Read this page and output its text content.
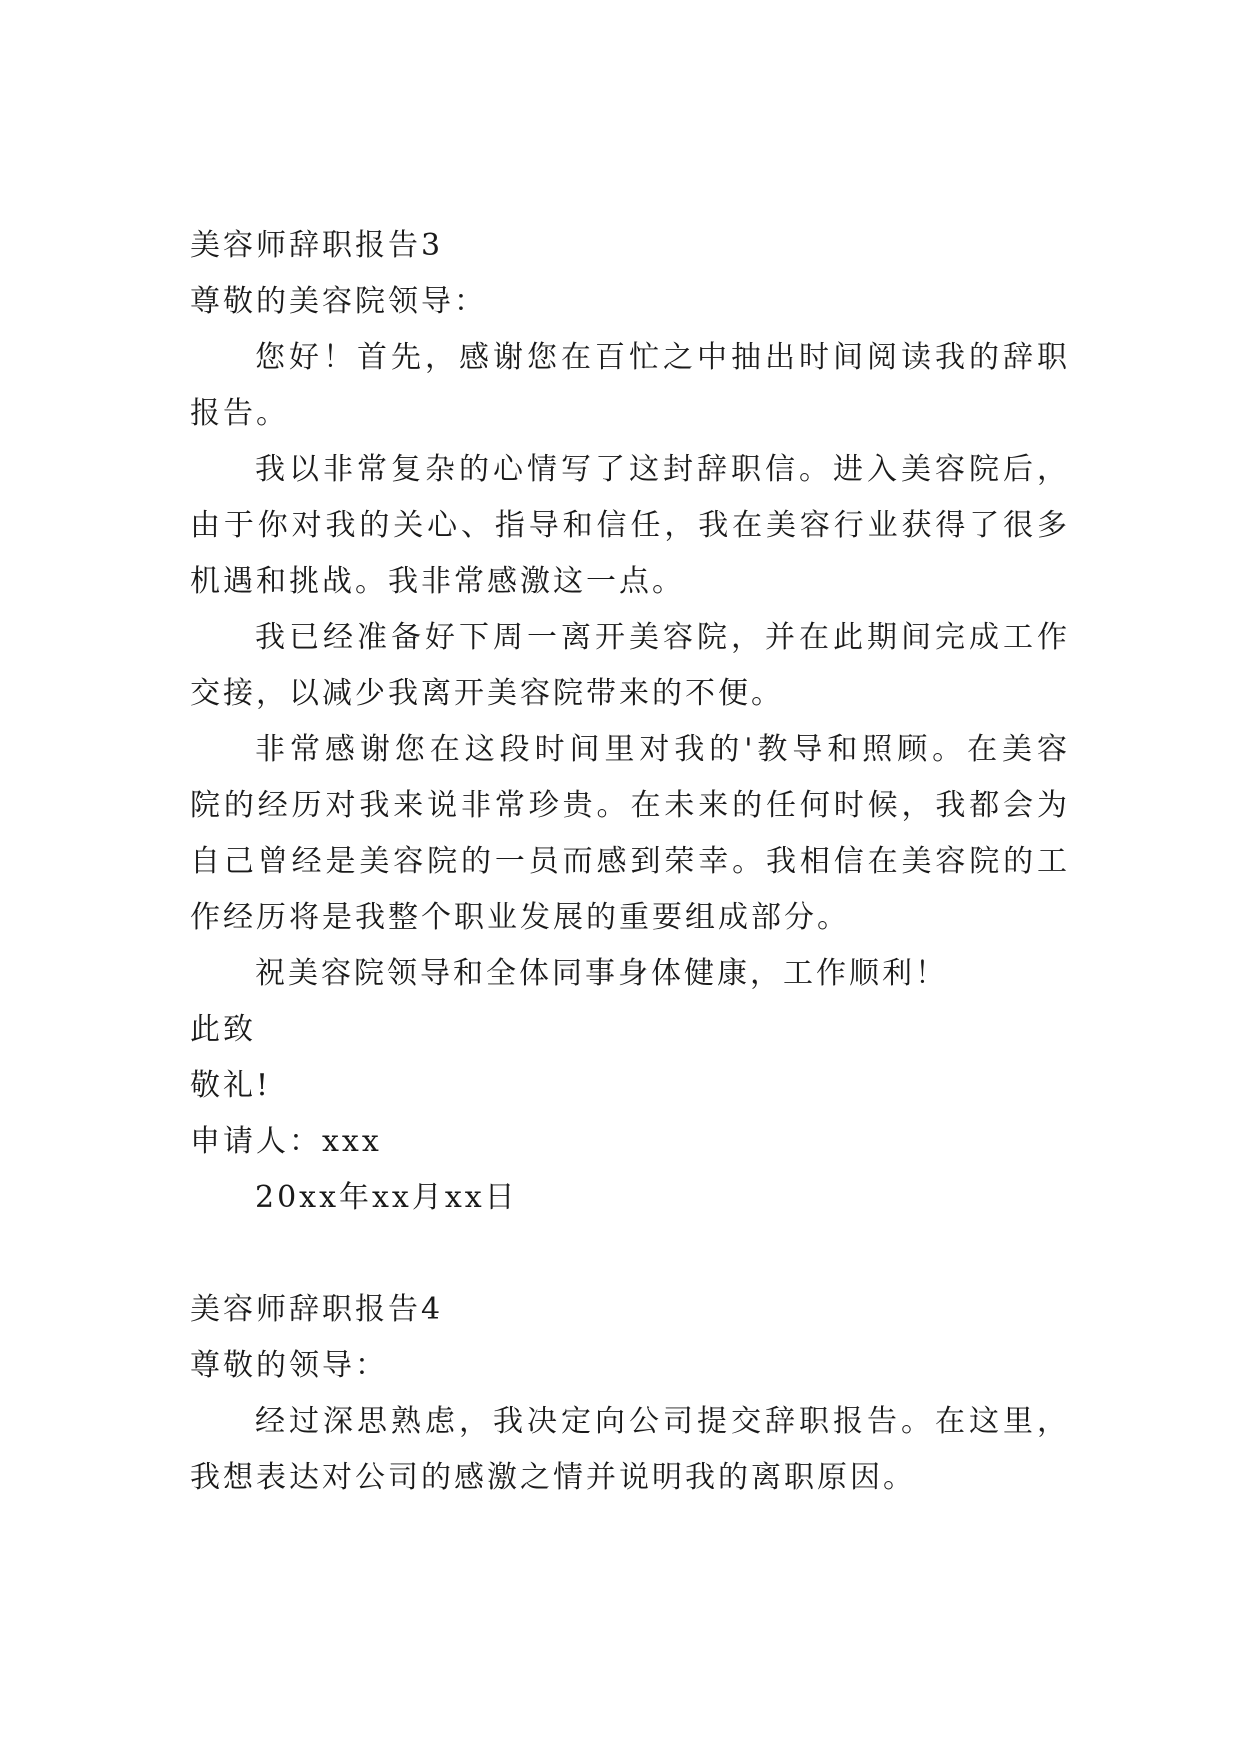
美容师辞职报告3
尊敬的美容院领导：
您好！首先，感谢您在百忙之中抽出时间阅读我的辞职
报告。
我以非常复杂的心情写了这封辞职信。进入美容院后，
由于你对我的关心、指导和信任，我在美容行业获得了很多
机遇和挑战。我非常感激这一点。
我已经准备好下周一离开美容院，并在此期间完成工作
交接，以减少我离开美容院带来的不便。
非常感谢您在这段时间里对我的'教导和照顾。在美容
院的经历对我来说非常珍贵。在未来的任何时候，我都会为
自己曾经是美容院的一员而感到荣幸。我相信在美容院的工
作经历将是我整个职业发展的重要组成部分。
祝美容院领导和全体同事身体健康，工作顺利！
此致
敬礼!
申请人：xxx
20xx年xx月xx日
美容师辞职报告4
尊敬的领导：
经过深思熟虑，我决定向公司提交辞职报告。在这里，
我想表达对公司的感激之情并说明我的离职原因。
